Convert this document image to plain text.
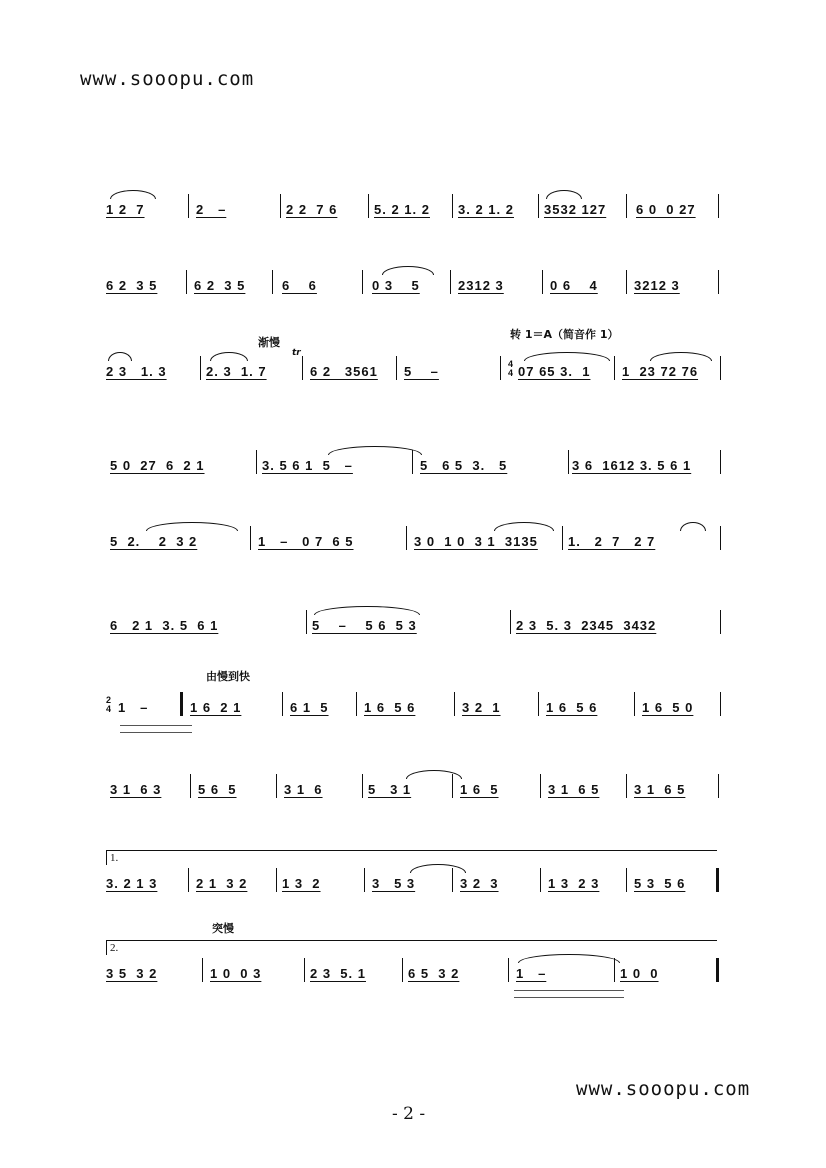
www.sooopu.com
1 2  7	2   –	2 2  7 6	5. 2 1. 2 3. 2 1. 2 3532 127 6 0  0 27
6 2  3 5	6 2  3 5	6    6	0 3    5	2312 3	0 6    4	3212 3
渐慢
tr
转 1＝A（简音作 1）
2 3   1. 3	2. 3  1. 7	6 2   3561 5    –	4
4 07 65 3.  1 1  23 72 76
5 0  27  6  2 1	3. 5 6 1  5   –	5   6 5  3.   5	3 6  1612 3. 5 6 1
5  2.    2  3 2	1   –   0 7  6 5	3 0  1 0  3 1  3135 1.   2  7   2 7
6   2 1  3. 5  6 1	5    –    5 6  5 3	2 3  5. 3  2345  3432
由慢到快
2
4 1   –	1 6  2 1	6 1  5	1 6  5 6	3 2  1	1 6  5 6	1 6  5 0
3 1  6 3	5 6  5	3 1  6	5   3 1	1 6  5	3 1  6 5	3 1  6 5
1.
3. 2 1 3	2 1  3 2	1 3  2	3   5 3	3 2  3	1 3  2 3	5 3  5 6
突慢
2.
3 5  3 2	1 0  0 3	2 3  5. 1	6 5  3 2	1   –	1 0  0
www.sooopu.com
- 2 -
